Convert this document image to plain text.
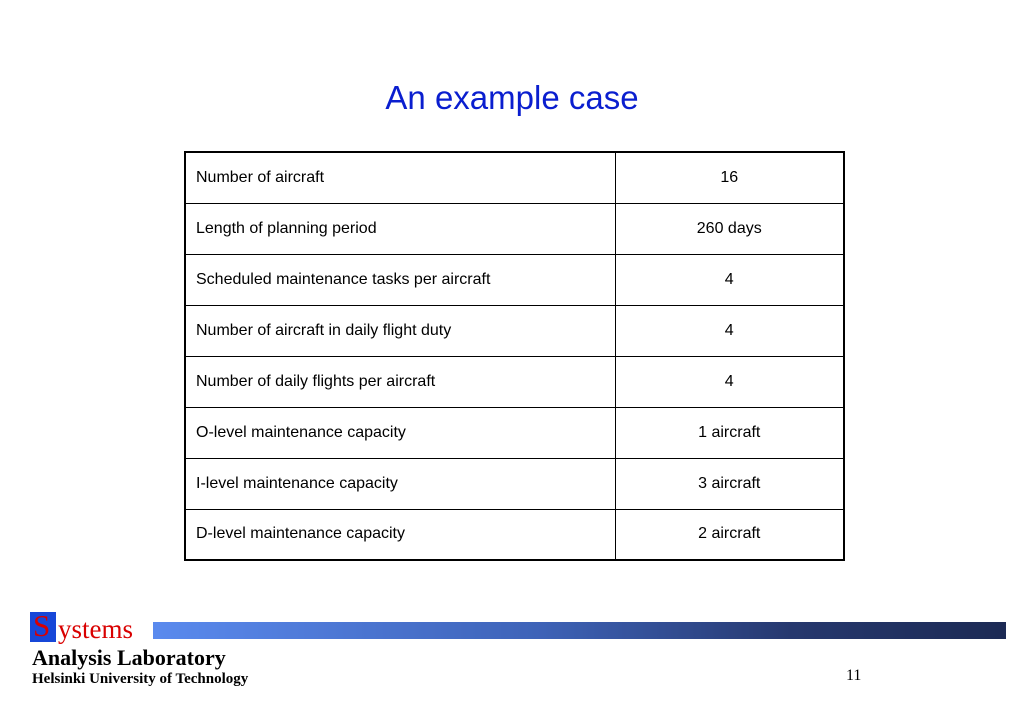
An example case
Number of aircraft	16
Length of planning period	260 days
Scheduled maintenance tasks per aircraft	4
Number of aircraft in daily flight duty	4
Number of daily flights per aircraft	4
O-level maintenance capacity	1 aircraft
I-level maintenance capacity	3 aircraft
D-level maintenance capacity	2 aircraft
S ystems
Analysis Laboratory
Helsinki University of Technology	11
